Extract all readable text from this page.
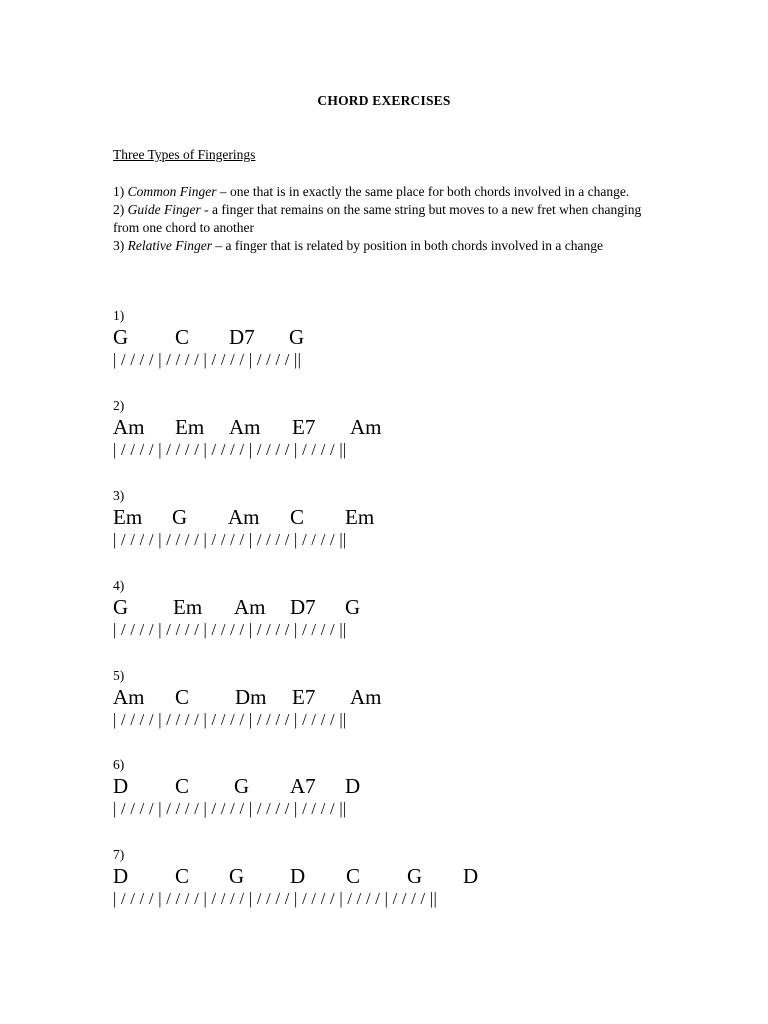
CHORD EXERCISES
Three Types of Fingerings

1) Common Finger – one that is in exactly the same place for both chords involved in a change.

2) Guide Finger - a finger that remains on the same string but moves to a new fret when changing from one chord to another

3) Relative Finger – a finger that is related by position in both chords involved in a change

1)
G C D7 G
| / / / / | / / / / | / / / / | / / / / ||
2)
Am Em Am E7 Am
| / / / / | / / / / | / / / / | / / / / | / / / / ||
3)
Em G Am C Em
| / / / / | / / / / | / / / / | / / / / | / / / / ||
4)
G Em Am D7 G
| / / / / | / / / / | / / / / | / / / / | / / / / ||
5)
Am C Dm E7 Am
| / / / / | / / / / | / / / / | / / / / | / / / / ||
6)
D C G A7 D
| / / / / | / / / / | / / / / | / / / / | / / / / ||
7)
D C G D C G D
| / / / / | / / / / | / / / / | / / / / | / / / / | / / / / | / / / / ||
